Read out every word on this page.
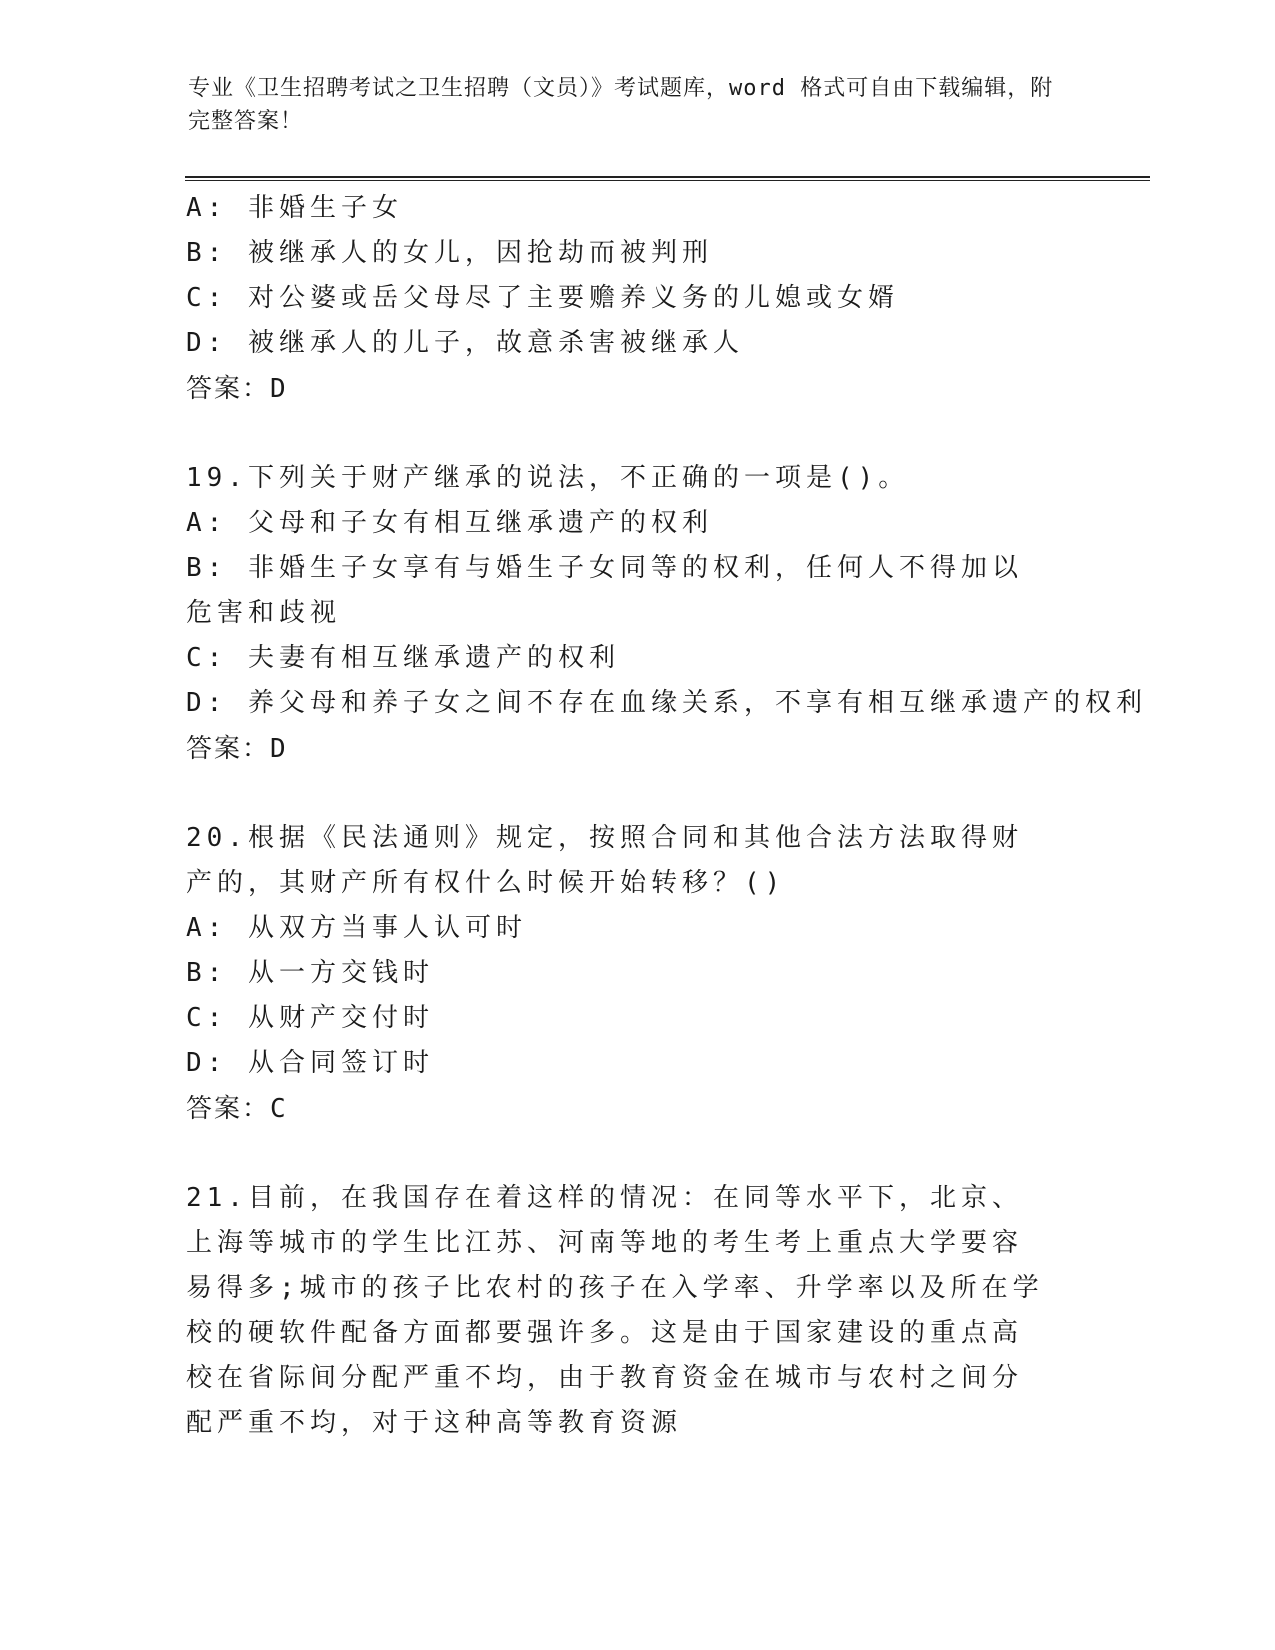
专业《卫生招聘考试之卫生招聘（文员）》考试题库，word 格式可自由下载编辑，附完整答案！
A: 非婚生子女
B: 被继承人的女儿，因抢劫而被判刑
C: 对公婆或岳父母尽了主要赡养义务的儿媳或女婿
D: 被继承人的儿子，故意杀害被继承人
答案：D
19.下列关于财产继承的说法，不正确的一项是()。
A: 父母和子女有相互继承遗产的权利
B: 非婚生子女享有与婚生子女同等的权利，任何人不得加以危害和歧视
C: 夫妻有相互继承遗产的权利
D: 养父母和养子女之间不存在血缘关系，不享有相互继承遗产的权利
答案：D
20.根据《民法通则》规定，按照合同和其他合法方法取得财产的，其财产所有权什么时候开始转移？()
A: 从双方当事人认可时
B: 从一方交钱时
C: 从财产交付时
D: 从合同签订时
答案：C
21.目前，在我国存在着这样的情况：在同等水平下，北京、上海等城市的学生比江苏、河南等地的考生考上重点大学要容易得多;城市的孩子比农村的孩子在入学率、升学率以及所在学校的硬软件配备方面都要强许多。这是由于国家建设的重点高校在省际间分配严重不均，由于教育资金在城市与农村之间分配严重不均，对于这种高等教育资源
